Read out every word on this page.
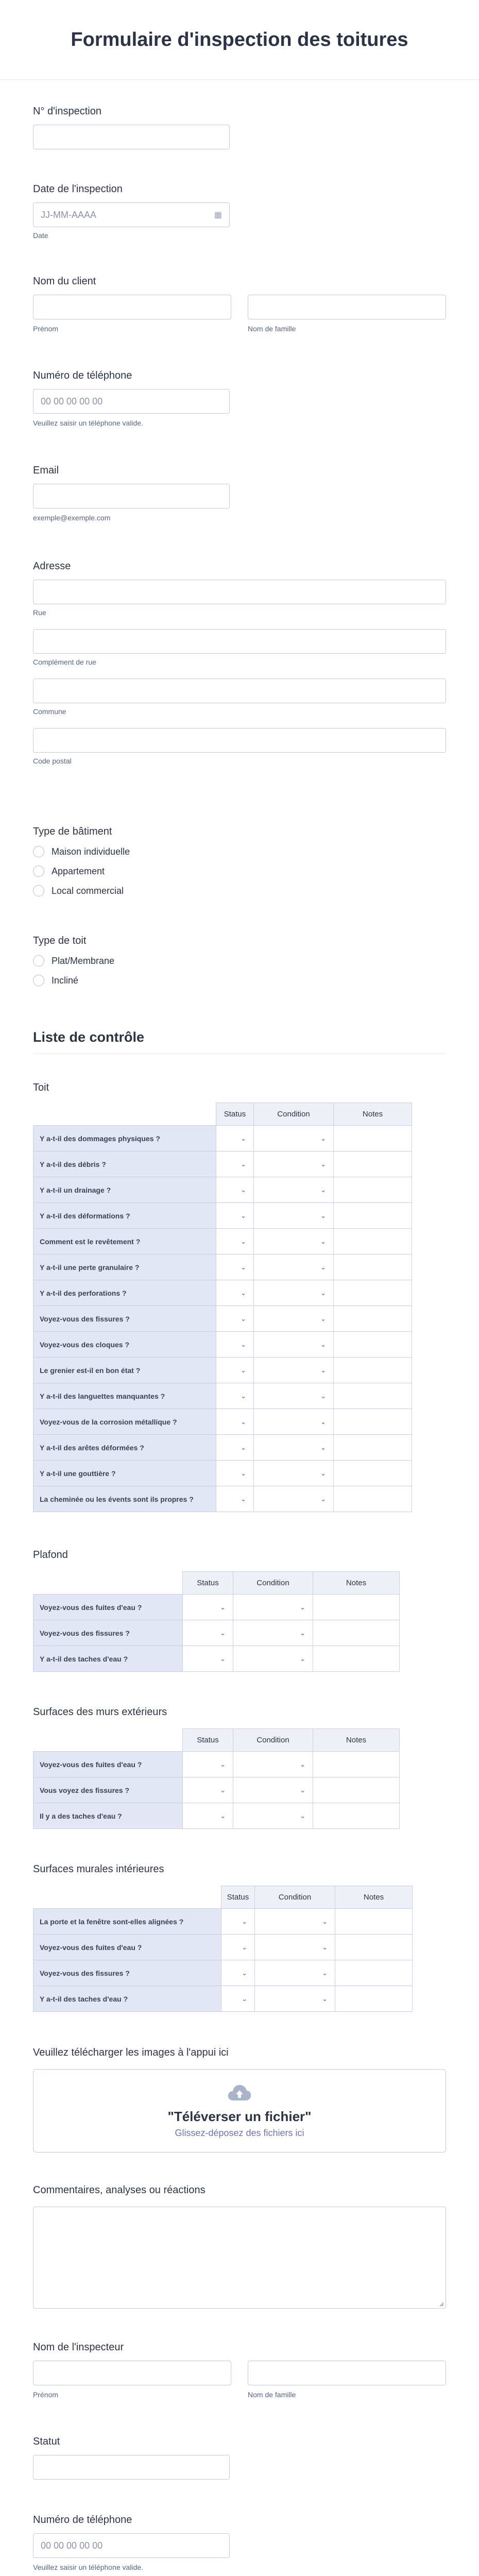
Formulaire d'inspection des toitures
N° d'inspection
Date de l'inspection
JJ-MM-AAAA	▦
Date
Nom du client
Prénom	Nom de famille
Numéro de téléphone
00 00 00 00 00
Veuillez saisir un téléphone valide.
Email
exemple@exemple.com
Adresse
Rue
Complément de rue
Commune
Code postal
Type de bâtiment
Maison individuelle
Appartement
Local commercial
Type de toit
Plat/Membrane
Incliné
Liste de contrôle
Toit
	Status	Condition	Notes
Y a-t-il des dommages physiques ?	⌄	⌄	

Y a-t-il des débris ?	⌄	⌄	

Y a-t-il un drainage ?	⌄	⌄	

Y a-t-il des déformations ?	⌄	⌄	

Comment est le revêtement ?	⌄	⌄	

Y a-t-il une perte granulaire ?	⌄	⌄	

Y a-t-il des perforations ?	⌄	⌄	

Voyez-vous des fissures ?	⌄	⌄	

Voyez-vous des cloques ?	⌄	⌄	

Le grenier est-il en bon état ?	⌄	⌄	

Y a-t-il des languettes manquantes ?	⌄	⌄	

Voyez-vous de la corrosion métallique ?	⌄	⌄	

Y a-t-il des arêtes déformées ?	⌄	⌄	

Y a-t-il une gouttière ?	⌄	⌄	

La cheminée ou les évents sont ils propres ?	⌄	⌄	

Plafond
	Status	Condition	Notes
Voyez-vous des fuites d'eau ?	⌄	⌄	

Voyez-vous des fissures ?	⌄	⌄	

Y a-t-il des taches d'eau ?	⌄	⌄	

Surfaces des murs extérieurs
	Status	Condition	Notes
Voyez-vous des fuites d'eau ?	⌄	⌄	

Vous voyez des fissures ?	⌄	⌄	

Il y a des taches d'eau ?	⌄	⌄	

Surfaces murales intérieures
	Status	Condition	Notes
La porte et la fenêtre sont-elles alignées ?	⌄	⌄	

Voyez-vous des fuites d'eau ?	⌄	⌄	

Voyez-vous des fissures ?	⌄	⌄	

Y a-t-il des taches d'eau ?	⌄	⌄	

Veuillez télécharger les images à l'appui ici
"Téléverser un fichier"
Glissez-déposez des fichiers ici
Commentaires, analyses ou réactions
◢
Nom de l'inspecteur
Prénom	Nom de famille
Statut
Numéro de téléphone
00 00 00 00 00
Veuillez saisir un téléphone valide.
